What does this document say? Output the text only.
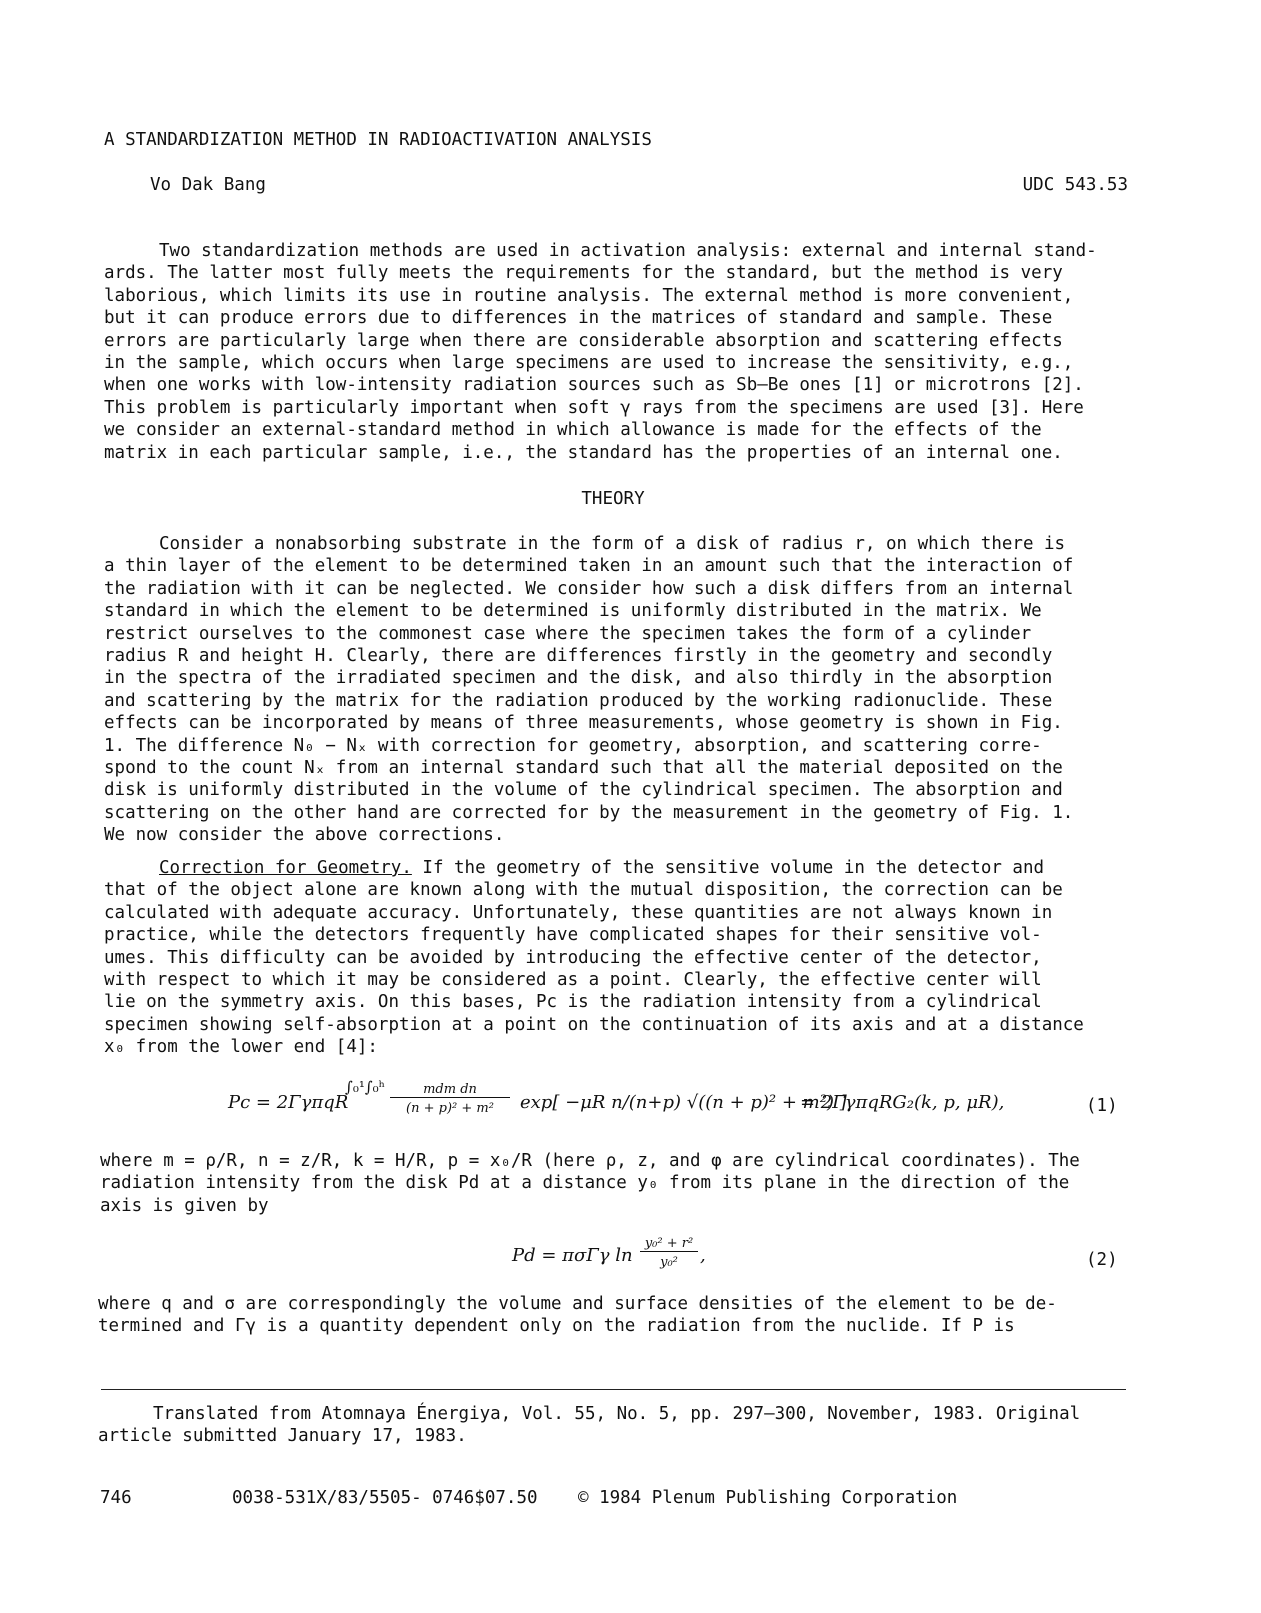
A STANDARDIZATION METHOD IN RADIOACTIVATION ANALYSIS
Vo Dak Bang	UDC 543.53

Two standardization methods are used in activation analysis: external and internal stand-

ards. The latter most fully meets the requirements for the standard, but the method is very

laborious, which limits its use in routine analysis. The external method is more convenient,

but it can produce errors due to differences in the matrices of standard and sample. These

errors are particularly large when there are considerable absorption and scattering effects

in the sample, which occurs when large specimens are used to increase the sensitivity, e.g.,

when one works with low-intensity radiation sources such as Sb–Be ones [1] or microtrons [2].

This problem is particularly important when soft γ rays from the specimens are used [3]. Here

we consider an external-standard method in which allowance is made for the effects of the

matrix in each particular sample, i.e., the standard has the properties of an internal one.

THEORY

Consider a nonabsorbing substrate in the form of a disk of radius r, on which there is

a thin layer of the element to be determined taken in an amount such that the interaction of

the radiation with it can be neglected. We consider how such a disk differs from an internal

standard in which the element to be determined is uniformly distributed in the matrix. We

restrict ourselves to the commonest case where the specimen takes the form of a cylinder

radius R and height H. Clearly, there are differences firstly in the geometry and secondly

in the spectra of the irradiated specimen and the disk, and also thirdly in the absorption

and scattering by the matrix for the radiation produced by the working radionuclide. These

effects can be incorporated by means of three measurements, whose geometry is shown in Fig.

1. The difference N₀ − Nₓ with correction for geometry, absorption, and scattering corre-

spond to the count Nₓ from an internal standard such that all the material deposited on the

disk is uniformly distributed in the volume of the cylindrical specimen. The absorption and

scattering on the other hand are corrected for by the measurement in the geometry of Fig. 1.

We now consider the above corrections.

Correction for Geometry. If the geometry of the sensitive volume in the detector and

that of the object alone are known along with the mutual disposition, the correction can be

calculated with adequate accuracy. Unfortunately, these quantities are not always known in

practice, while the detectors frequently have complicated shapes for their sensitive vol-

umes. This difficulty can be avoided by introducing the effective center of the detector,

with respect to which it may be considered as a point. Clearly, the effective center will

lie on the symmetry axis. On this bases, Pc is the radiation intensity from a cylindrical

specimen showing self-absorption at a point on the continuation of its axis and at a distance

x₀ from the lower end [4]:

Pc = 2ΓγπqR
∫₀¹∫₀ʰ	mdm dn
(n + p)² + m²	exp[ −μR n/(n+p) √((n + p)² + m²) ]
= 2ΓγπqRG₂(k, p, μR),	(1)

where m = ρ/R, n = z/R, k = H/R, p = x₀/R (here ρ, z, and φ are cylindrical coordinates). The

radiation intensity from the disk Pd at a distance y₀ from its plane in the direction of the

axis is given by

Pd = πσΓγ ln
y₀² + r²
y₀²	,	(2)

where q and σ are correspondingly the volume and surface densities of the element to be de-

termined and Γγ is a quantity dependent only on the radiation from the nuclide. If P is

Translated from Atomnaya Énergiya, Vol. 55, No. 5, pp. 297–300, November, 1983. Original

article submitted January 17, 1983.

746	0038-531X/83/5505- 0746$07.50 © 1984 Plenum Publishing Corporation
